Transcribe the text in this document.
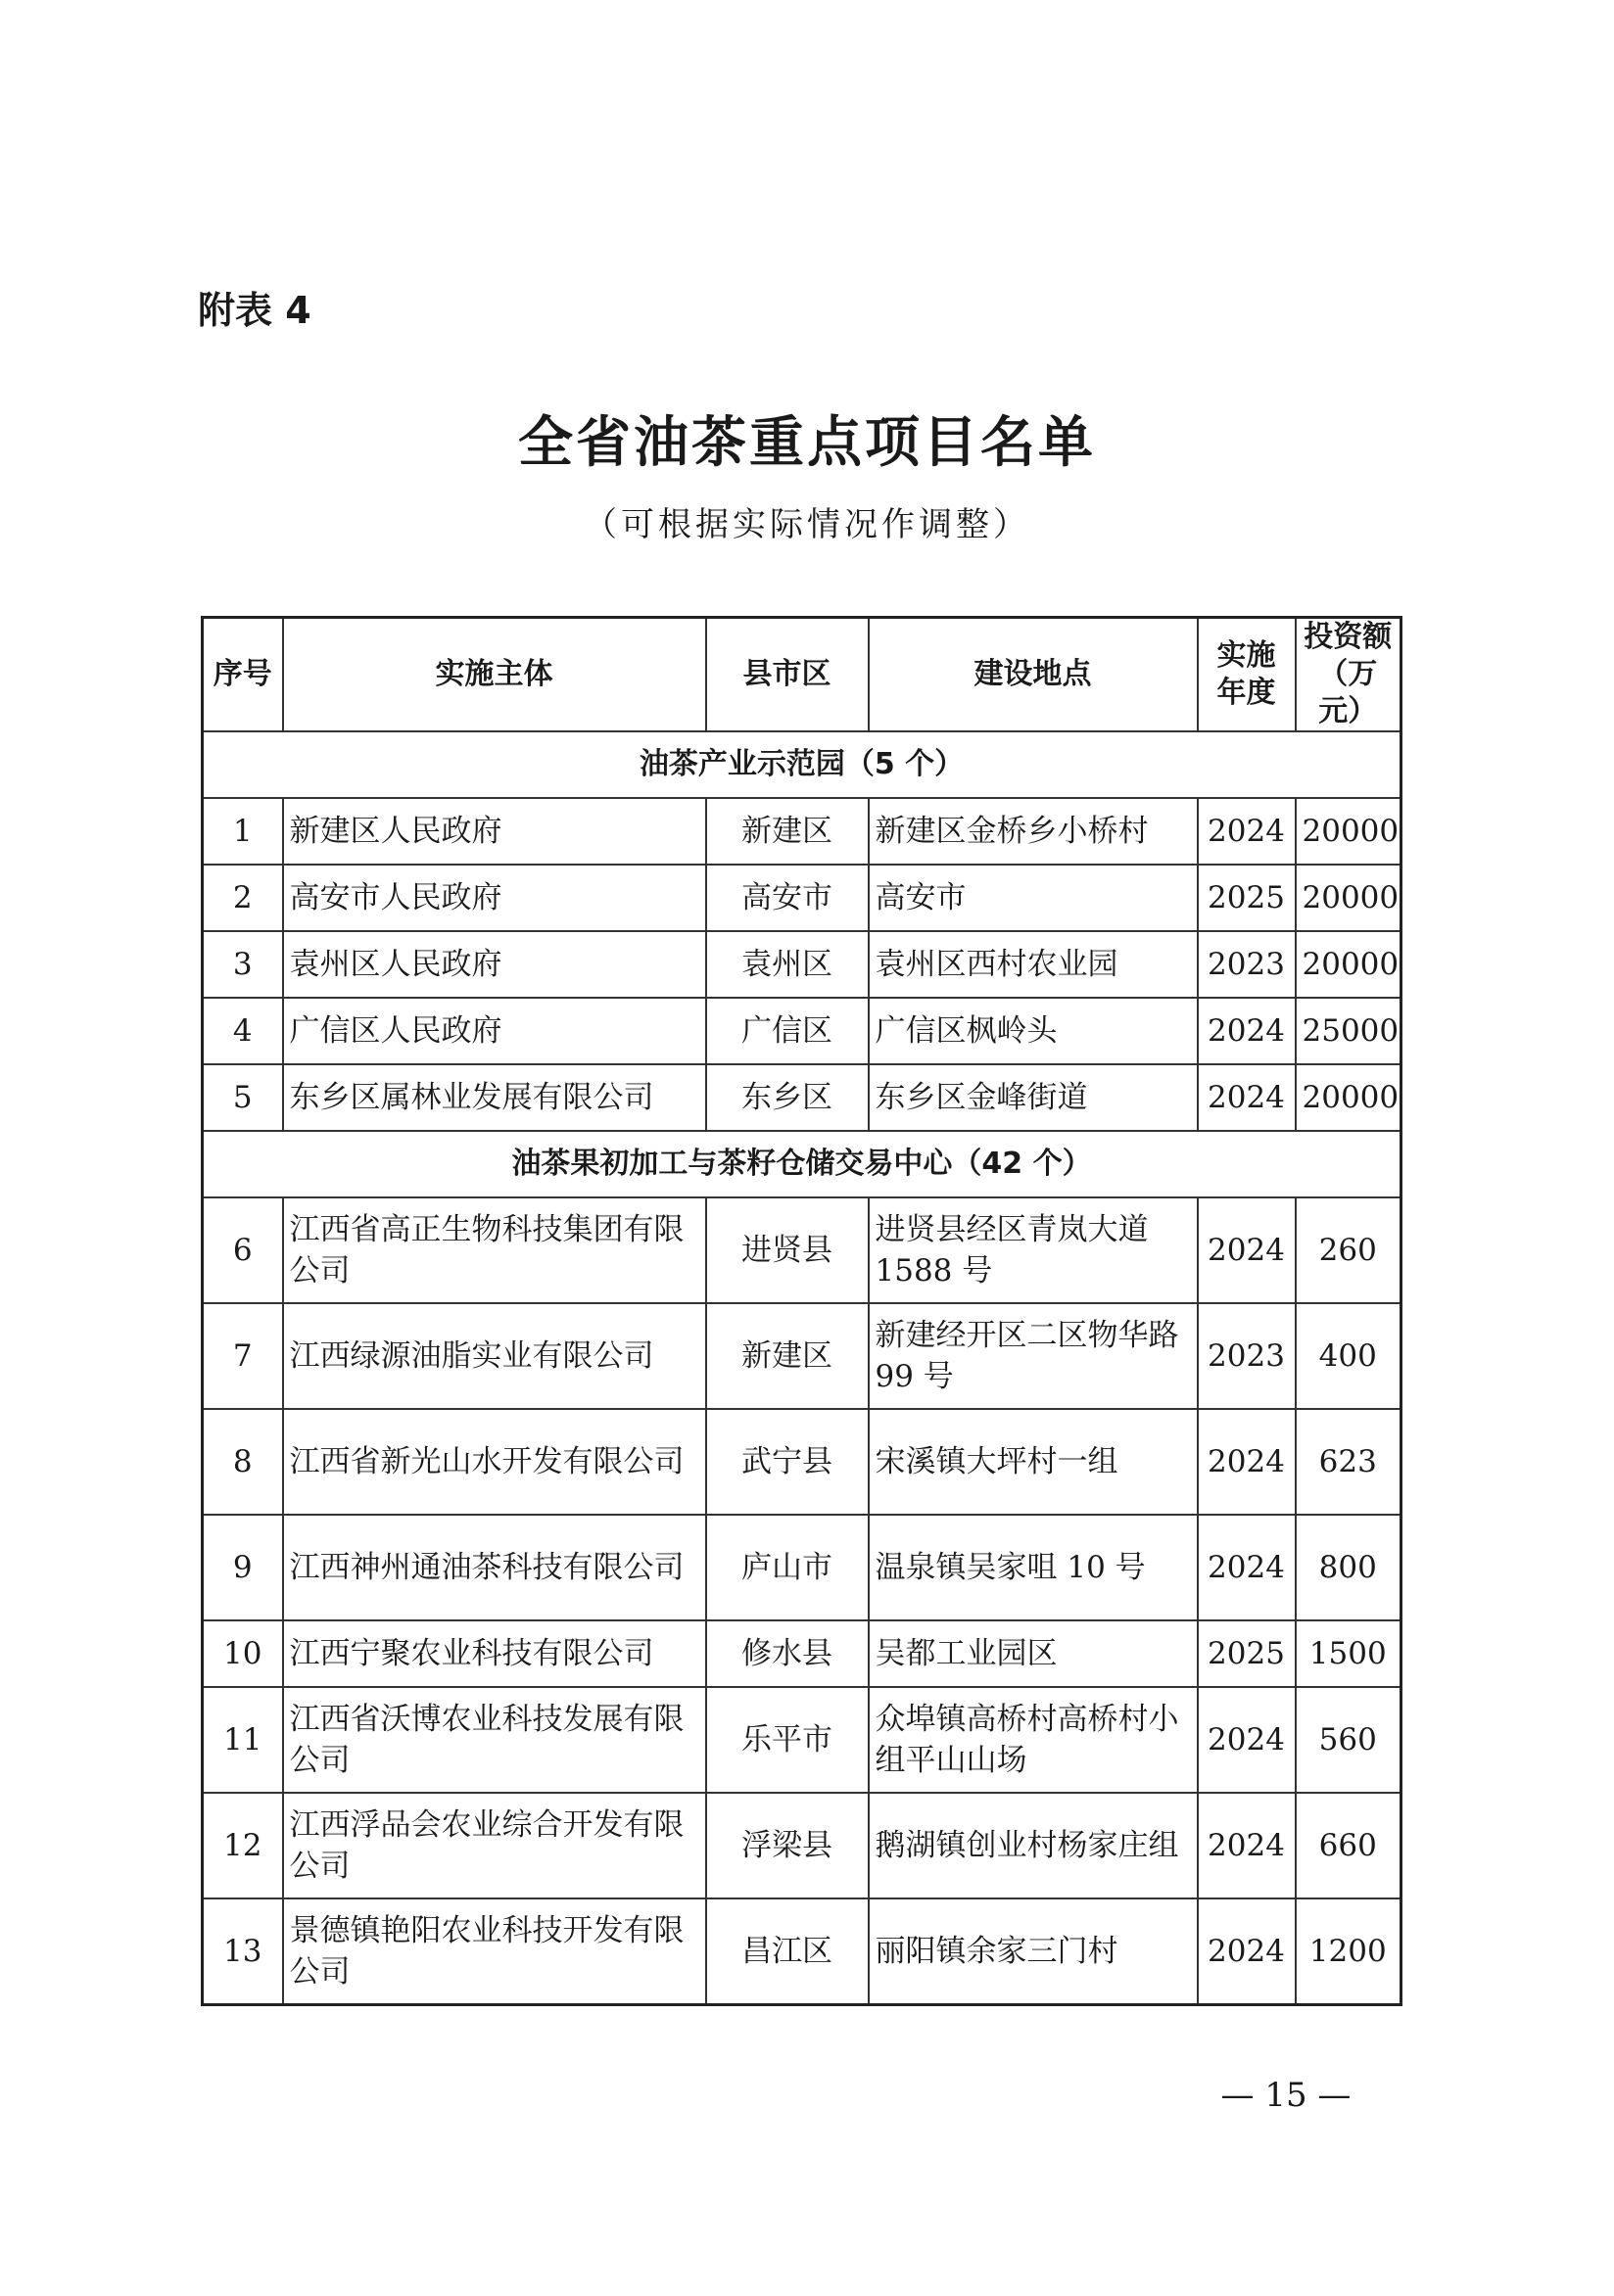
附表 4
全省油茶重点项目名单
（可根据实际情况作调整）
序号	实施主体	县市区	建设地点	实施年度	投资额（万元）
油茶产业示范园（5 个）					
1	新建区人民政府	新建区	新建区金桥乡小桥村	2024	20000
2	高安市人民政府	高安市	高安市	2025	20000
3	袁州区人民政府	袁州区	袁州区西村农业园	2023	20000
4	广信区人民政府	广信区	广信区枫岭头	2024	25000
5	东乡区属林业发展有限公司	东乡区	东乡区金峰街道	2024	20000
油茶果初加工与茶籽仓储交易中心（42 个）					
6	江西省高正生物科技集团有限公司	进贤县	进贤县经区青岚大道 1588 号	2024	260
7	江西绿源油脂实业有限公司	新建区	新建经开区二区物华路 99 号	2023	400
8	江西省新光山水开发有限公司	武宁县	宋溪镇大坪村一组	2024	623
9	江西神州通油茶科技有限公司	庐山市	温泉镇吴家咀 10 号	2024	800
10	江西宁聚农业科技有限公司	修水县	吴都工业园区	2025	1500
11	江西省沃博农业科技发展有限公司	乐平市	众埠镇高桥村高桥村小组平山山场	2024	560
12	江西浮品会农业综合开发有限公司	浮梁县	鹅湖镇创业村杨家庄组	2024	660
13	景德镇艳阳农业科技开发有限公司	昌江区	丽阳镇余家三门村	2024	1200
— 15 —
